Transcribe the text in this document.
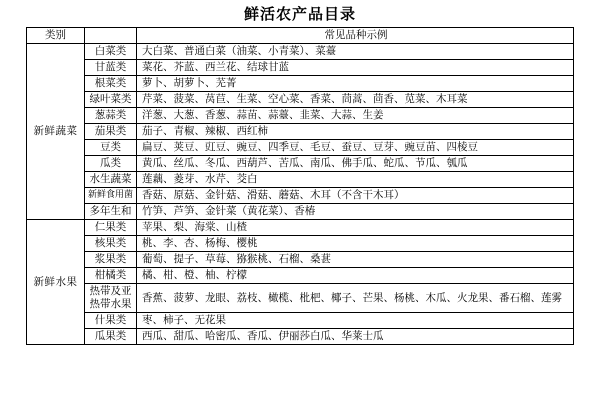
鲜活农产品目录
类别		常见品种示例
新鲜蔬菜	白菜类	大白菜、普通白菜（油菜、小青菜）、菜薹
	甘蓝类	菜花、芥蓝、西兰花、结球甘蓝
	根菜类	萝卜、胡萝卜、芜菁
	绿叶菜类	芹菜、菠菜、莴苣、生菜、空心菜、香菜、茼蒿、茴香、苋菜、木耳菜
	葱蒜类	洋葱、大葱、香葱、蒜苗、蒜薹、韭菜、大蒜、生姜
	茄果类	茄子、青椒、辣椒、西红柿
	豆类	扁豆、荚豆、豇豆、豌豆、四季豆、毛豆、蚕豆、豆芽、豌豆苗、四棱豆
	瓜类	黄瓜、丝瓜、冬瓜、西葫芦、苦瓜、南瓜、佛手瓜、蛇瓜、节瓜、瓠瓜
	水生蔬菜	莲藕、菱芽、水芹、茭白
	新鲜食用菌	香菇、原菇、金针菇、滑菇、蘑菇、木耳（不含干木耳）
	多年生和	竹笋、芦笋、金针菜（黄花菜）、香椿
新鲜水果	仁果类	苹果、梨、海棠、山楂
	核果类	桃、李、杏、杨梅、樱桃
	浆果类	葡萄、提子、草莓、猕猴桃、石榴、桑葚
	柑橘类	橘、柑、橙、柚、柠檬
	热带及亚热带水果	香蕉、菠萝、龙眼、荔枝、橄榄、枇杷、椰子、芒果、杨桃、木瓜、火龙果、番石榴、莲雾
	什果类	枣、柿子、无花果
	瓜果类	西瓜、甜瓜、哈密瓜、香瓜、伊丽莎白瓜、华莱士瓜
